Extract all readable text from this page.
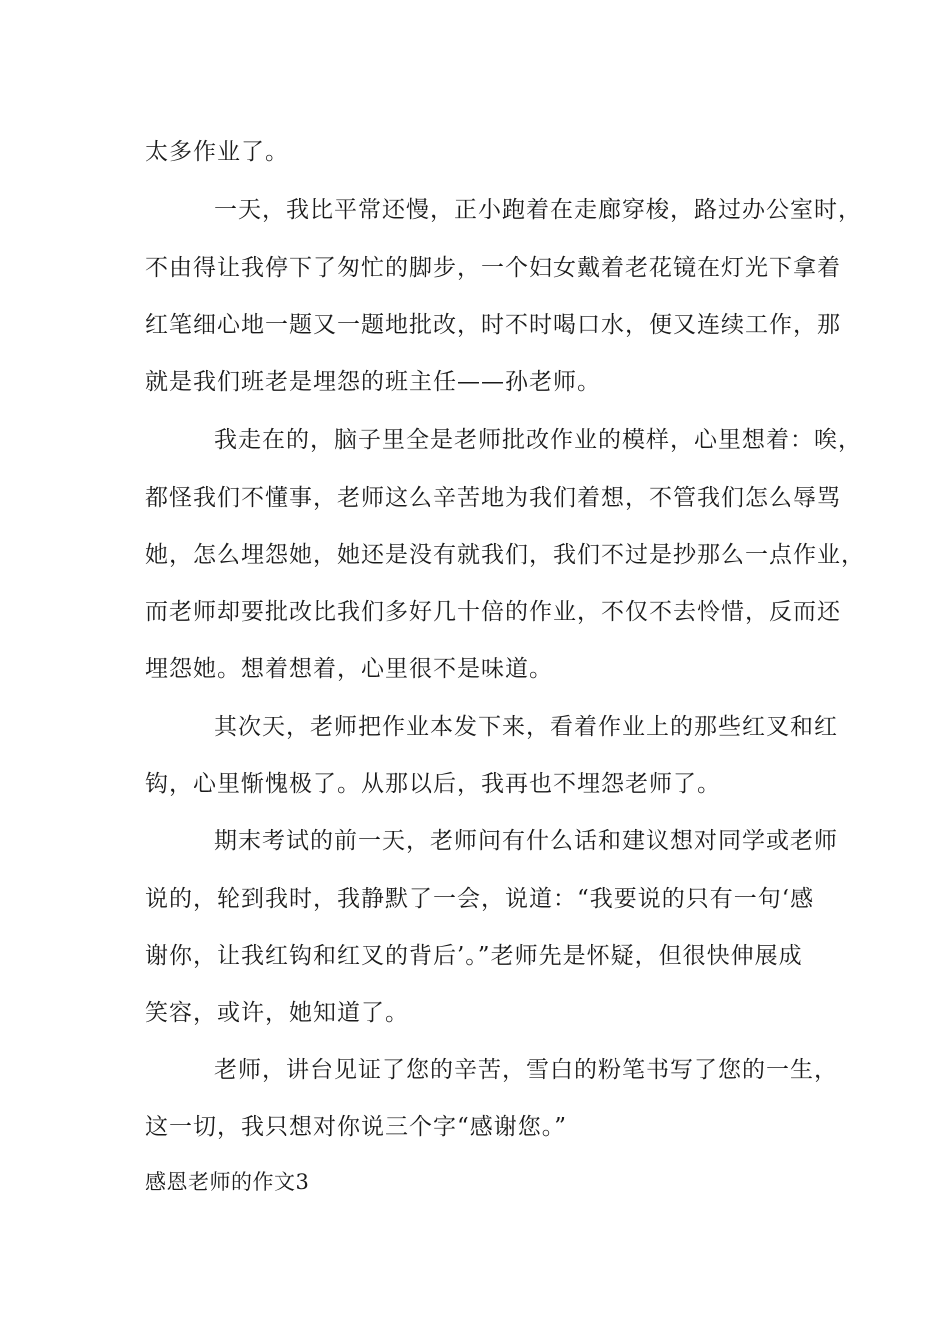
太多作业了。
一天，我比平常还慢，正小跑着在走廊穿梭，路过办公室时，
不由得让我停下了匆忙的脚步，一个妇女戴着老花镜在灯光下拿着
红笔细心地一题又一题地批改，时不时喝口水，便又连续工作，那
就是我们班老是埋怨的班主任——孙老师。
我走在的，脑子里全是老师批改作业的模样，心里想着：唉，
都怪我们不懂事，老师这么辛苦地为我们着想，不管我们怎么辱骂
她，怎么埋怨她，她还是没有就我们，我们不过是抄那么一点作业，
而老师却要批改比我们多好几十倍的作业，不仅不去怜惜，反而还
埋怨她。想着想着，心里很不是味道。
其次天，老师把作业本发下来，看着作业上的那些红叉和红
钩，心里惭愧极了。从那以后，我再也不埋怨老师了。
期末考试的前一天，老师问有什么话和建议想对同学或老师
说的，轮到我时，我静默了一会，说道：“我要说的只有一句‘感
谢你，让我红钩和红叉的背后’。”老师先是怀疑，但很快伸展成
笑容，或许，她知道了。
老师，讲台见证了您的辛苦，雪白的粉笔书写了您的一生，
这一切，我只想对你说三个字“感谢您。”
感恩老师的作文3
